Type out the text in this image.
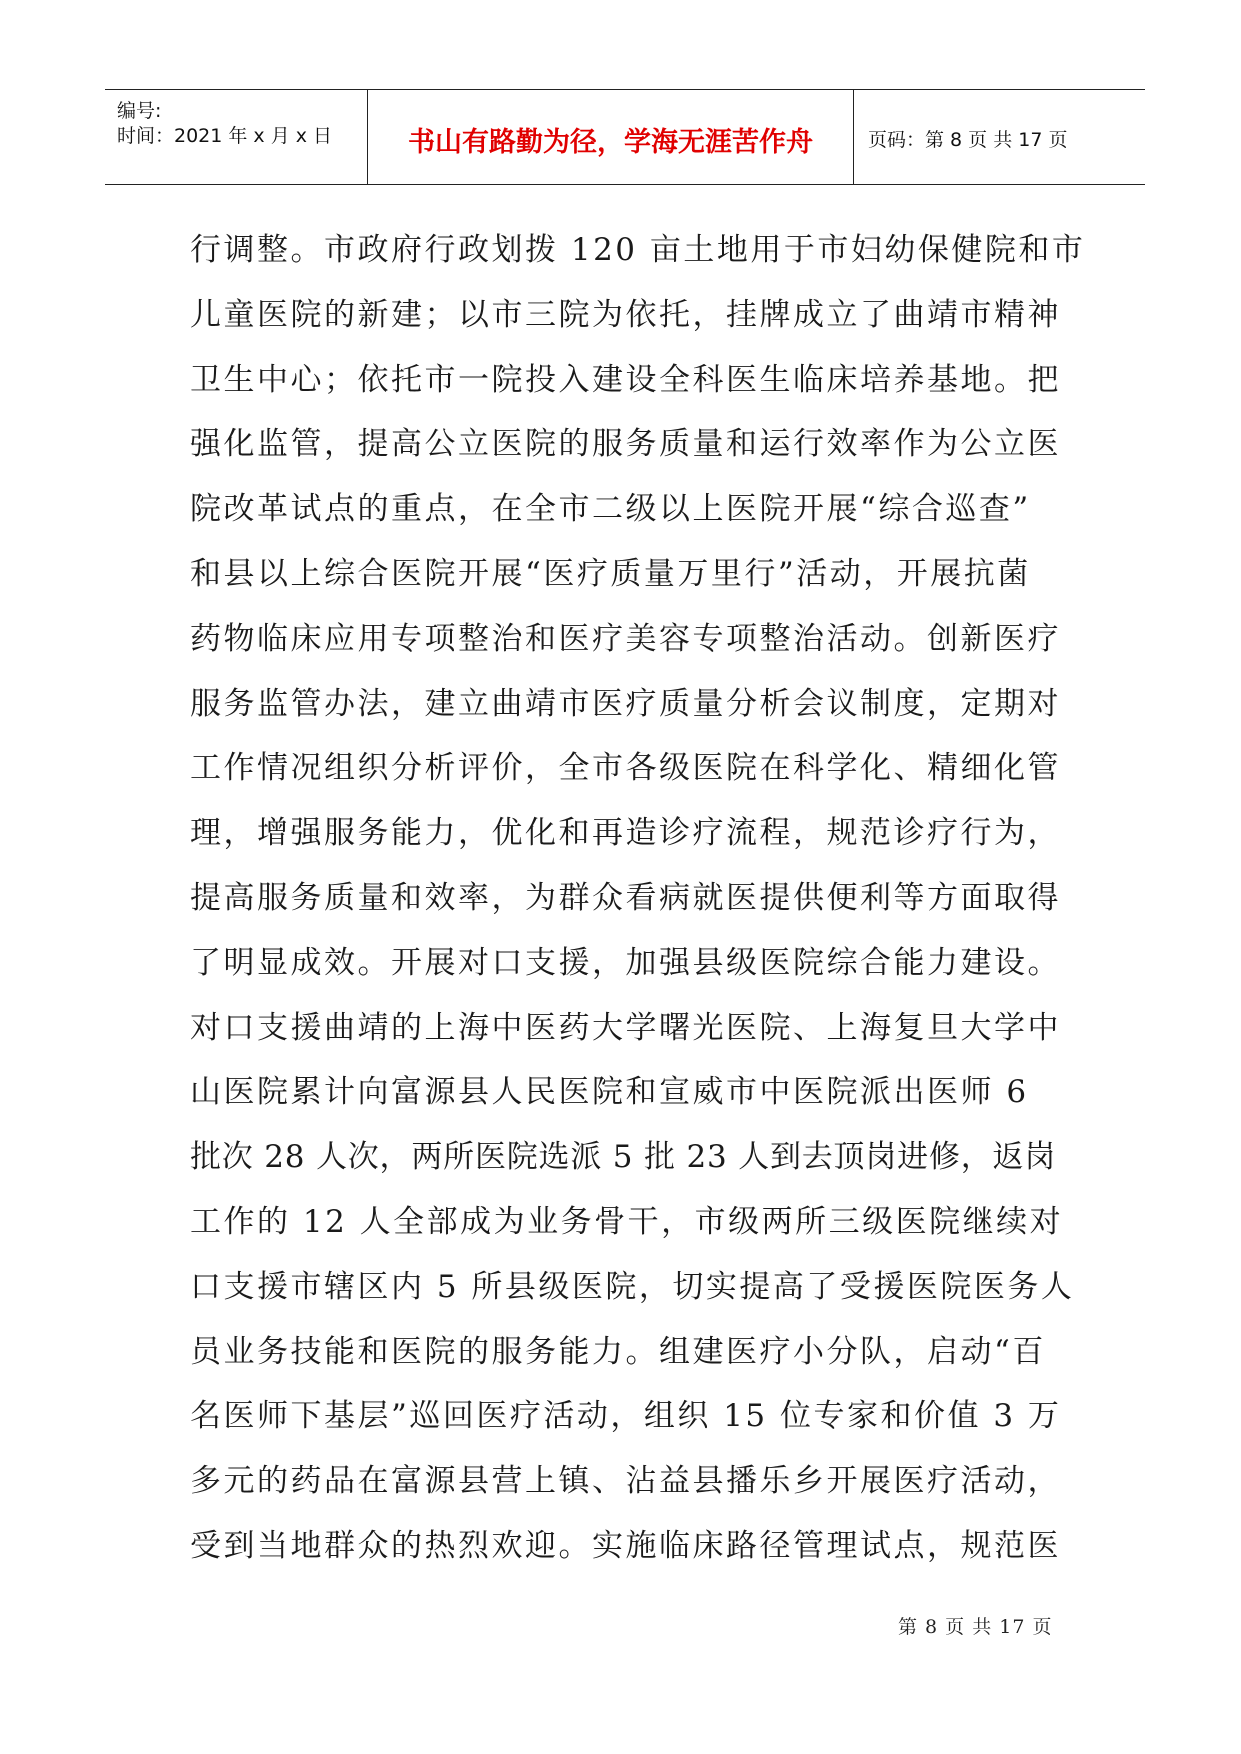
编号:
时间：2021 年 x 月 x 日	书山有路勤为径，学海无涯苦作舟	页码：第 8 页 共 17 页
行调整。市政府行政划拨 120 亩土地用于市妇幼保健院和市
儿童医院的新建；以市三院为依托，挂牌成立了曲靖市精神
卫生中心；依托市一院投入建设全科医生临床培养基地。把
强化监管，提高公立医院的服务质量和运行效率作为公立医
院改革试点的重点，在全市二级以上医院开展“综合巡查”
和县以上综合医院开展“医疗质量万里行”活动，开展抗菌
药物临床应用专项整治和医疗美容专项整治活动。创新医疗
服务监管办法，建立曲靖市医疗质量分析会议制度，定期对
工作情况组织分析评价，全市各级医院在科学化、精细化管
理，增强服务能力，优化和再造诊疗流程，规范诊疗行为，
提高服务质量和效率，为群众看病就医提供便利等方面取得
了明显成效。开展对口支援，加强县级医院综合能力建设。
对口支援曲靖的上海中医药大学曙光医院、上海复旦大学中
山医院累计向富源县人民医院和宣威市中医院派出医师 6
批次 28 人次，两所医院选派 5 批 23 人到去顶岗进修，返岗
工作的 12 人全部成为业务骨干，市级两所三级医院继续对
口支援市辖区内 5 所县级医院，切实提高了受援医院医务人
员业务技能和医院的服务能力。组建医疗小分队，启动“百
名医师下基层”巡回医疗活动，组织 15 位专家和价值 3 万
多元的药品在富源县营上镇、沾益县播乐乡开展医疗活动，
受到当地群众的热烈欢迎。实施临床路径管理试点，规范医
第 8 页 共 17 页
